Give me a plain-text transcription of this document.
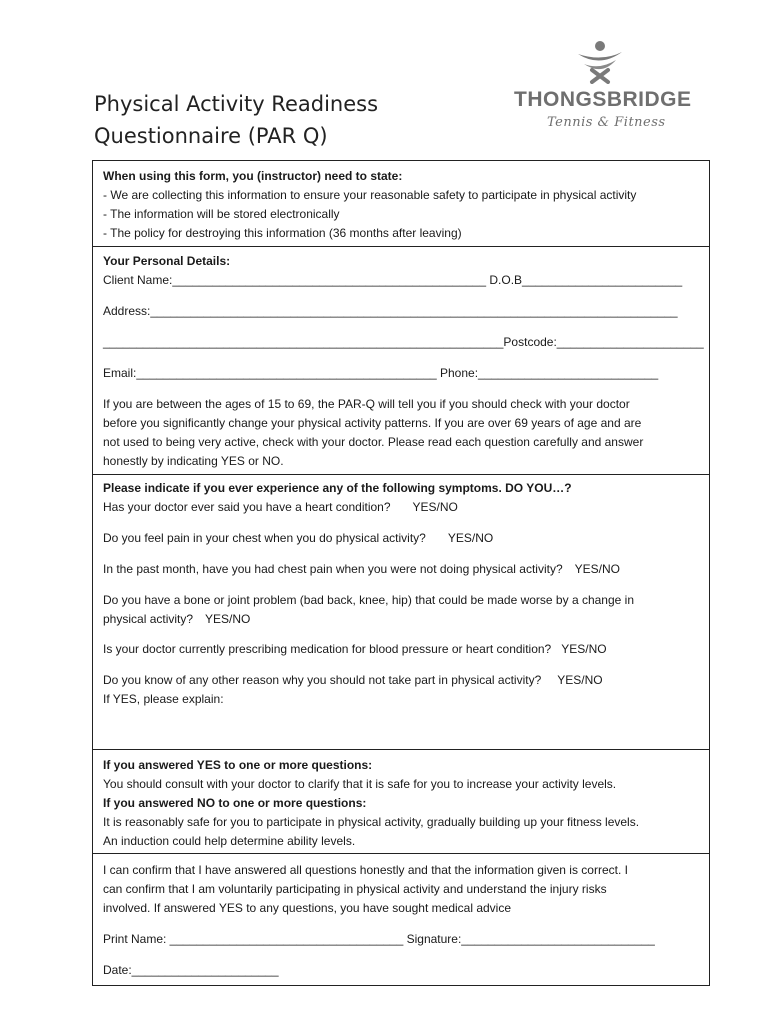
Physical Activity Readiness
Questionnaire (PAR Q)
THONGSBRIDGE
Tennis & Fitness
When using this form, you (instructor) need to state:
- We are collecting this information to ensure your reasonable safety to participate in physical activity
- The information will be stored electronically
- The policy for destroying this information (36 months after leaving)
Your Personal Details:
Client Name:_______________________________________________ D.O.B________________________
Address:_______________________________________________________________________________
____________________________________________________________Postcode:______________________
Email:_____________________________________________ Phone:___________________________
If you are between the ages of 15 to 69, the PAR-Q will tell you if you should check with your doctor
before you significantly change your physical activity patterns. If you are over 69 years of age and are
not used to being very active, check with your doctor. Please read each question carefully and answer
honestly by indicating YES or NO.
Please indicate if you ever experience any of the following symptoms. DO YOU…?
Has your doctor ever said you have a heart condition? YES/NO
Do you feel pain in your chest when you do physical activity? YES/NO
In the past month, have you had chest pain when you were not doing physical activity? YES/NO
Do you have a bone or joint problem (bad back, knee, hip) that could be made worse by a change in
physical activity? YES/NO
Is your doctor currently prescribing medication for blood pressure or heart condition? YES/NO
Do you know of any other reason why you should not take part in physical activity? YES/NO
If YES, please explain:
If you answered YES to one or more questions:
You should consult with your doctor to clarify that it is safe for you to increase your activity levels.
If you answered NO to one or more questions:
It is reasonably safe for you to participate in physical activity, gradually building up your fitness levels.
An induction could help determine ability levels.
I can confirm that I have answered all questions honestly and that the information given is correct. I
can confirm that I am voluntarily participating in physical activity and understand the injury risks
involved. If answered YES to any questions, you have sought medical advice
Print Name: ___________________________________ Signature:_____________________________
Date:______________________
